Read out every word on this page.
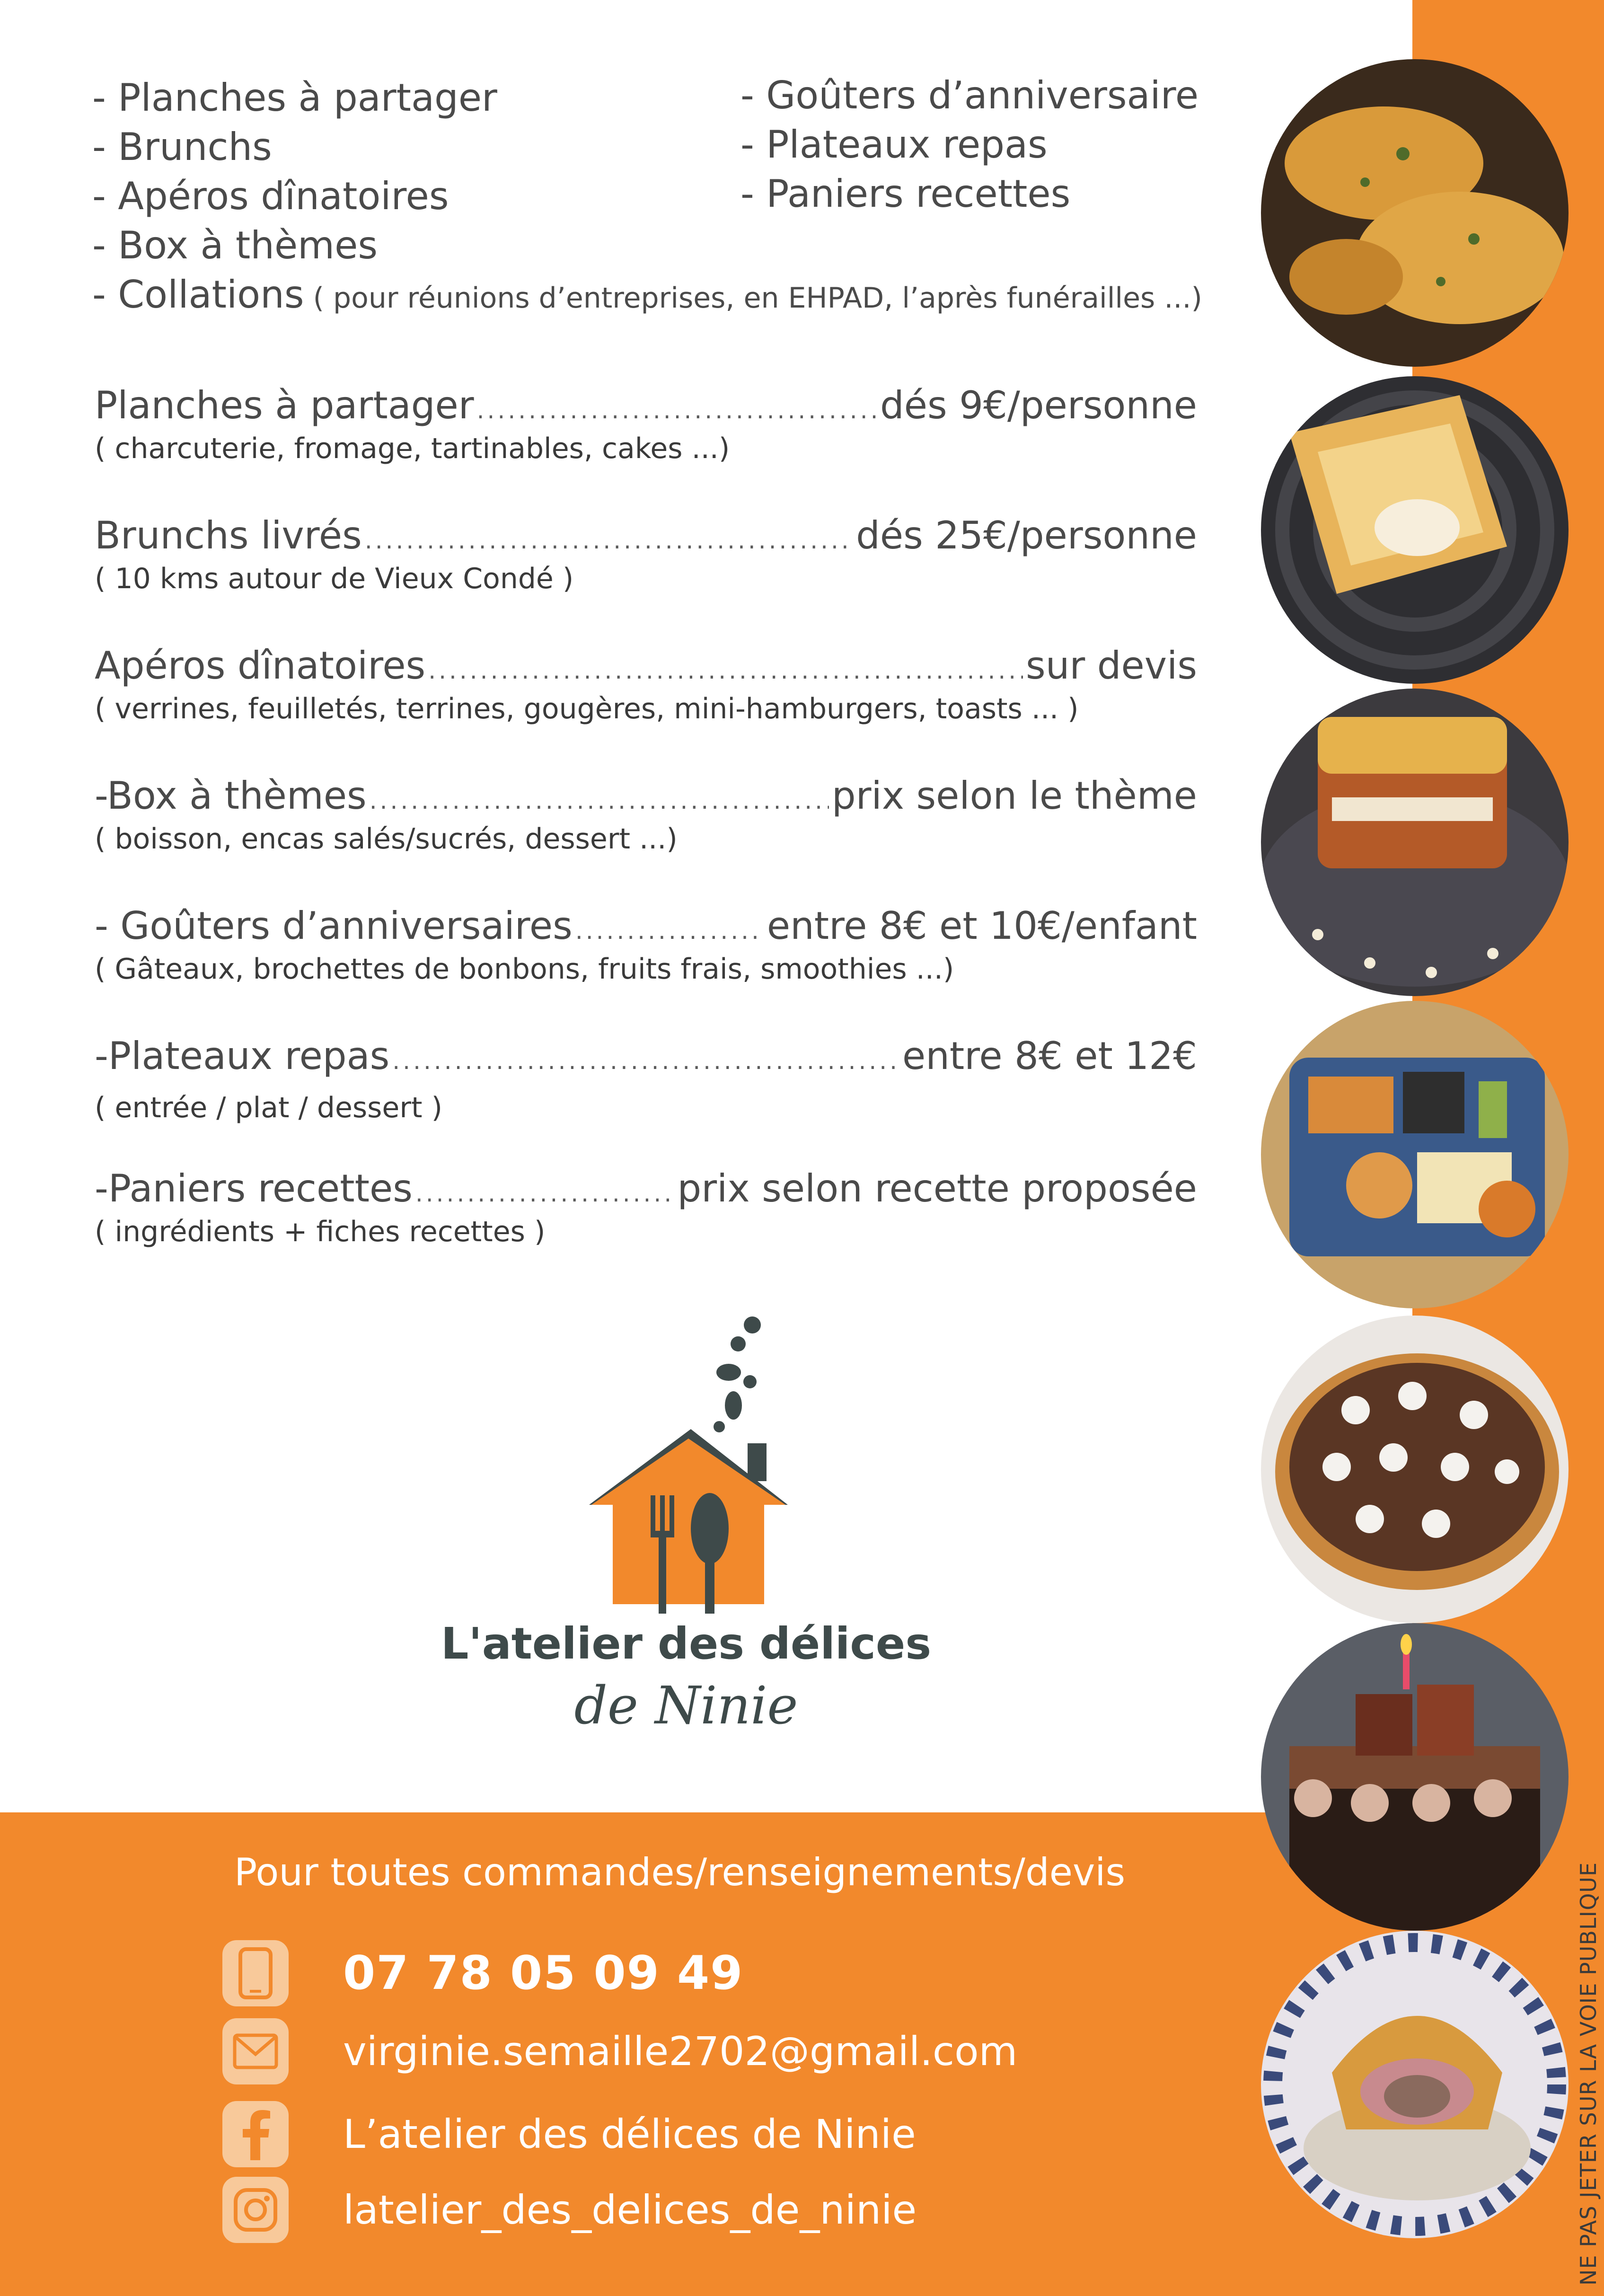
NE PAS JETER SUR LA VOIE PUBLIQUE
- Planches à partager
- Brunchs
- Apéros dînatoires
- Box à thèmes
- Collations ( pour réunions d’entreprises, en EHPAD, l’après funérailles ...)
- Goûters d’anniversaire
- Plateaux repas
- Paniers recettes
Planches à partager .....	dés 9€/personne
( charcuterie, fromage, tartinables, cakes ...)
Brunchs livrés .....	dés 25€/personne
( 10 kms autour de Vieux Condé )
Apéros dînatoires .....	sur devis
( verrines, feuilletés, terrines, gougères, mini-hamburgers, toasts ... )
-Box à thèmes .....	prix selon le thème
( boisson, encas salés/sucrés, dessert ...)
- Goûters d’anniversaires .....	entre 8€ et 10€/enfant
( Gâteaux, brochettes de bonbons, fruits frais, smoothies ...)
-Plateaux repas .....	entre 8€ et 12€
( entrée / plat / dessert )
-Paniers recettes .....	prix selon recette proposée
( ingrédients + fiches recettes )
L'atelier des délices
de Ninie
Pour toutes commandes/renseignements/devis
07 78 05 09 49
virginie.semaille2702@gmail.com
L’atelier des délices de Ninie
latelier_des_delices_de_ninie
